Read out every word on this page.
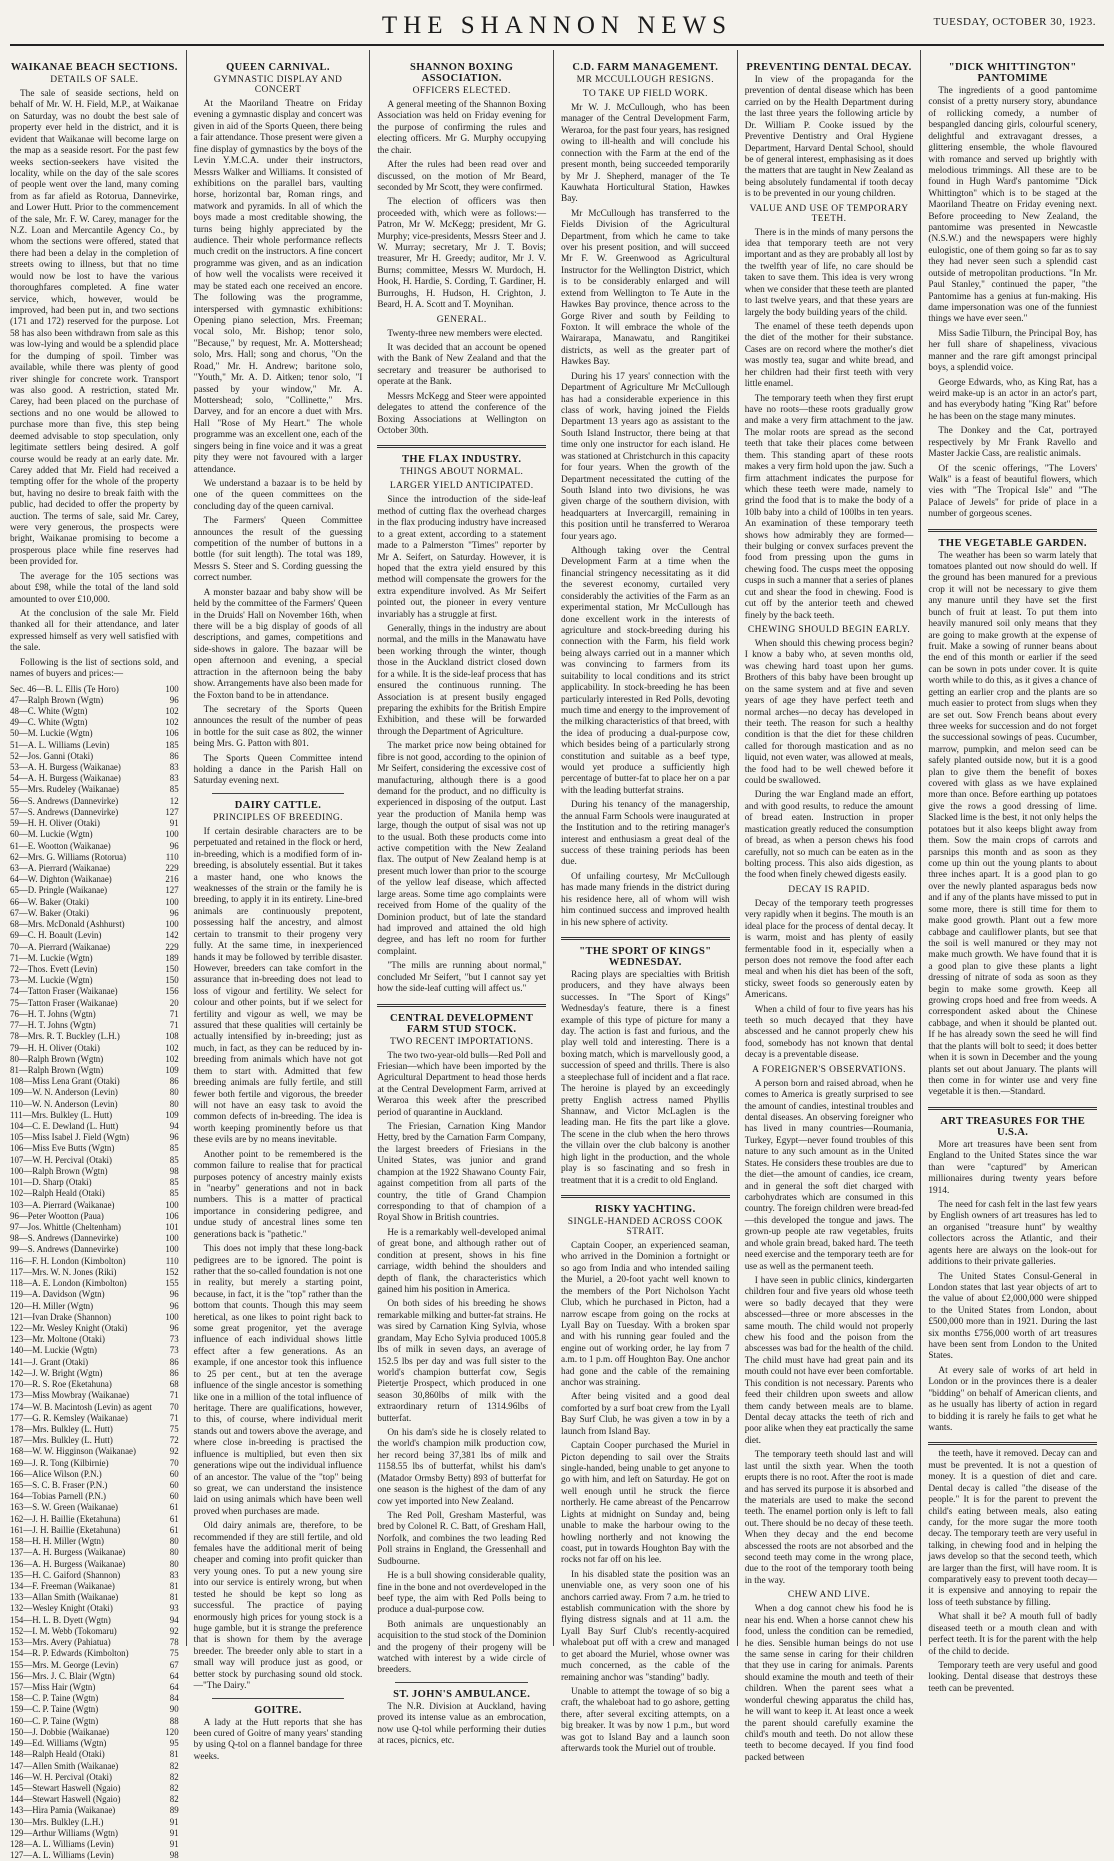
THE SHANNON NEWS	TUESDAY, OCTOBER 30, 1923.
WAIKANAE BEACH SECTIONS.
DETAILS OF SALE.

The sale of seaside sections, held on behalf of Mr. W. H. Field, M.P., at Waikanae on Saturday, was no doubt the best sale of property ever held in the district, and it is evident that Waikanae will become large on the map as a seaside resort. For the past few weeks section-seekers have visited the locality, while on the day of the sale scores of people went over the land, many coming from as far afield as Rotorua, Dannevirke, and Lower Hutt. Prior to the commencement of the sale, Mr. F. W. Carey, manager for the N.Z. Loan and Mercantile Agency Co., by whom the sections were offered, stated that there had been a delay in the completion of streets owing to illness, but that no time would now be lost to have the various thoroughfares completed. A fine water service, which, however, would be improved, had been put in, and two sections (171 and 172) reserved for the purpose. Lot 58 has also been withdrawn from sale as this was low-lying and would be a splendid place for the dumping of spoil. Timber was available, while there was plenty of good river shingle for concrete work. Transport was also good. A restriction, stated Mr. Carey, had been placed on the purchase of sections and no one would be allowed to purchase more than five, this step being deemed advisable to stop speculation, only legitimate settlers being desired. A golf course would be ready at an early date. Mr. Carey added that Mr. Field had received a tempting offer for the whole of the property but, having no desire to break faith with the public, had decided to offer the property by auction. The terms of sale, said Mr. Carey, were very generous, the prospects were bright, Waikanae promising to become a prosperous place while fine reserves had been provided for.

The average for the 105 sections was about £98, while the total of the land sold amounted to over £10,000.

At the conclusion of the sale Mr. Field thanked all for their attendance, and later expressed himself as very well satisfied with the sale.

Following is the list of sections sold, and names of buyers and prices:—

Sec. 46—B. L. Ellis (Te Horo)	100
47—Ralph Brown (Wgtn)	96
48—C. White (Wgtn)	102
49—C. White (Wgtn)	102
50—M. Luckie (Wgtn)	106
51—A. L. Williams (Levin)	185
52—Jos. Ganni (Otaki)	86
53—A. H. Burgess (Waikanae)	83
54—A. H. Burgess (Waikanae)	83
55—Mrs. Rudeley (Waikanae)	85
56—S. Andrews (Dannevirke)	12
57—S. Andrews (Dannevirke)	127
59—H. H. Oliver (Otaki)	91
60—M. Luckie (Wgtn)	100
61—E. Wootton (Waikanae)	96
62—Mrs. G. Williams (Rotorua)	110
63—A. Pierrard (Waikanae)	229
64—W. Dighton (Waikanae)	216
65—D. Pringle (Waikanae)	127
66—W. Baker (Otaki)	100
67—W. Baker (Otaki)	96
68—Mrs. McDonald (Ashhurst)	100
69—C. H. Boault (Levin)	142
70—A. Pierrard (Waikanae)	229
71—M. Luckie (Wgtn)	189
72—Thos. Evett (Levin)	150
73—M. Luckie (Wgtn)	150
74—Tatton Fraser (Waikanae)	156
75—Tatton Fraser (Waikanae)	20
76—H. T. Johns (Wgtn)	71
77—H. T. Johns (Wgtn)	71
78—Mrs. R. T. Buckley (L.H.)	108
79—H. H. Oliver (Otaki)	102
80—Ralph Brown (Wgtn)	102
81—Ralph Brown (Wgtn)	109
108—Miss Lena Grant (Otaki)	86
109—W. N. Anderson (Levin)	80
110—W. N. Anderson (Levin)	80
111—Mrs. Bulkley (L. Hutt)	109
104—C. E. Dewland (L. Hutt)	94
105—Miss Isabel J. Field (Wgtn)	96
106—Miss Eve Butts (Wgtn)	85
107—W. H. Percival (Otaki)	85
100—Ralph Brown (Wgtn)	98
101—D. Sharp (Otaki)	85
102—Ralph Heald (Otaki)	85
103—A. Pierrard (Waikanae)	100
96—Peter Wootton (Paua)	106
97—Jos. Whittle (Cheltenham)	101
98—S. Andrews (Dannevirke)	100
99—S. Andrews (Dannevirke)	100
116—F. H. London (Kimbolton)	110
117—Mrs. W. N. Jones (Riki)	152
118—A. E. London (Kimbolton)	155
119—A. Davidson (Wgtn)	96
120—H. Miller (Wgtn)	96
121—Ivan Drake (Shannon)	100
122—Mr. Wesley Knight (Otaki)	96
123—Mr. Moltone (Otaki)	73
140—M. Luckie (Wgtn)	73
141—J. Grant (Otaki)	86
142—J. W. Bright (Wgtn)	86
170—R. S. Roe (Eketahuna)	68
173—Miss Mowbray (Waikanae)	71
174—W. B. Macintosh (Levin) as agent	70
177—G. R. Kemsley (Waikanae)	71
178—Mrs. Bulkley (L. Hutt)	75
187—Mrs. Bulkley (L. Hutt)	72
168—W. W. Higginson (Waikanae)	92
169—J. R. Tong (Kilbirnie)	70
166—Alice Wilson (P.N.)	60
165—S. C. B. Fraser (P.N.)	60
164—Tobias Parnell (P.N.)	60
163—S. W. Green (Waikanae)	61
162—J. H. Baillie (Eketahuna)	61
161—J. H. Baillie (Eketahuna)	61
158—H. H. Miller (Wgtn)	80
137—A. H. Burgess (Waikanae)	80
136—A. H. Burgess (Waikanae)	80
135—H. C. Gaiford (Shannon)	83
134—F. Freeman (Waikanae)	81
133—Allan Smith (Waikanae)	81
132—Wesley Knight (Otaki)	93
154—H. L. B. Dyett (Wgtn)	94
152—I. M. Webb (Tokomaru)	92
153—Mrs. Avery (Pahiatua)	78
154—R. P. Edwards (Kimbolton)	75
155—Mrs. M. George (Levin)	67
156—Mrs. J. C. Blair (Wgtn)	64
157—Miss Hair (Wgtn)	64
158—C. P. Taine (Wgtn)	84
159—C. P. Taine (Wgtn)	90
160—C. P. Taine (Wgtn)	88
150—J. Dobbie (Waikanae)	120
149—Ed. Williams (Wgtn)	95
148—Ralph Heald (Otaki)	81
147—Allen Smith (Waikanae)	82
146—W. H. Percival (Otaki)	82
145—Stewart Haswell (Ngaio)	82
144—Stewart Haswell (Ngaio)	82
143—Hira Pamia (Waikanae)	89
130—Mrs. Bulkley (L.H.)	91
129—Arthur Williams (Wgtn)	91
128—A. L. Williams (Levin)	91
127—A. L. Williams (Levin)	98
QUEEN CARNIVAL.
GYMNASTIC DISPLAY AND CONCERT

At the Maoriland Theatre on Friday evening a gymnastic display and concert was given in aid of the Sports Queen, there being a fair attendance. Those present were given a fine display of gymnastics by the boys of the Levin Y.M.C.A. under their instructors, Messrs Walker and Williams. It consisted of exhibitions on the parallel bars, vaulting horse, horizontal bar, Roman rings, and matwork and pyramids. In all of which the boys made a most creditable showing, the turns being highly appreciated by the audience. Their whole performance reflects much credit on the instructors. A fine concert programme was given, and as an indication of how well the vocalists were received it may be stated each one received an encore. The following was the programme, interspersed with gymnastic exhibitions: Opening piano selection, Mrs. Freeman; vocal solo, Mr. Bishop; tenor solo, "Because," by request, Mr. A. Mottershead; solo, Mrs. Hall; song and chorus, "On the Road," Mr. H. Andrew; baritone solo, "Youth," Mr. A. D. Aitken; tenor solo, "I passed by your window," Mr. A. Mottershead; solo, "Collinette," Mrs. Darvey, and for an encore a duet with Mrs. Hall "Rose of My Heart." The whole programme was an excellent one, each of the singers being in fine voice and it was a great pity they were not favoured with a larger attendance.

We understand a bazaar is to be held by one of the queen committees on the concluding day of the queen carnival.

The Farmers' Queen Committee announces the result of the guessing competition of the number of buttons in a bottle (for suit length). The total was 189, Messrs S. Steer and S. Cording guessing the correct number.

A monster bazaar and baby show will be held by the committee of the Farmers' Queen in the Druids' Hall on November 16th, when there will be a big display of goods of all descriptions, and games, competitions and side-shows in galore. The bazaar will be open afternoon and evening, a special attraction in the afternoon being the baby show. Arrangements have also been made for the Foxton band to be in attendance.

The secretary of the Sports Queen announces the result of the number of peas in bottle for the suit case as 802, the winner being Mrs. G. Patton with 801.

The Sports Queen Committee intend holding a dance in the Parish Hall on Saturday evening next.

DAIRY CATTLE.
PRINCIPLES OF BREEDING.

If certain desirable characters are to be perpetuated and retained in the flock or herd, in-breeding, which is a modified form of in-breeding, is absolutely essential. But it takes a master hand, one who knows the weaknesses of the strain or the family he is breeding, to apply it in its entirety. Line-bred animals are continuously prepotent, possessing half the ancestry, and almost certain to transmit to their progeny very fully. At the same time, in inexperienced hands it may be followed by terrible disaster. However, breeders can take comfort in the assurance that in-breeding does not lead to loss of vigour and fertility. We select for colour and other points, but if we select for fertility and vigour as well, we may be assured that these qualities will certainly be actually intensified by in-breeding; just as much, in fact, as they can be reduced by in-breeding from animals which have not got them to start with. Admitted that few breeding animals are fully fertile, and still fewer both fertile and vigorous, the breeder will not have an easy task to avoid the common defects of in-breeding. The idea is worth keeping prominently before us that these evils are by no means inevitable.

Another point to be remembered is the common failure to realise that for practical purposes potency of ancestry mainly exists in "nearby" generations and not in back numbers. This is a matter of practical importance in considering pedigree, and undue study of ancestral lines some ten generations back is "pathetic."

This does not imply that these long-back pedigrees are to be ignored. The point is rather that the so-called foundation is not one in reality, but merely a starting point, because, in fact, it is the "top" rather than the bottom that counts. Though this may seem heretical, as one likes to point right back to some great progenitor, yet the average influence of each individual shows little effect after a few generations. As an example, if one ancestor took this influence to 25 per cent., but at ten the average influence of the single ancestor is something like one in a million of the total influence of heritage. There are qualifications, however, to this, of course, where individual merit stands out and towers above the average, and where close in-breeding is practised the influence is multiplied, but even then six generations wipe out the individual influence of an ancestor. The value of the "top" being so great, we can understand the insistence laid on using animals which have been well proved when purchases are made.

Old dairy animals are, therefore, to be recommended if they are still fertile, and old females have the additional merit of being cheaper and coming into profit quicker than very young ones. To put a new young sire into our service is entirely wrong, but when tested he should be kept so long as successful. The practice of paying enormously high prices for young stock is a huge gamble, but it is strange the preference that is shown for them by the average breeder. The breeder only able to start in a small way will produce just as good, or better stock by purchasing sound old stock.—"The Dairy."

GOITRE.

A lady at the Hutt reports that she has been cured of Goitre of many years' standing by using Q-tol on a flannel bandage for three weeks.

SHANNON BOXING ASSOCIATION.
OFFICERS ELECTED.

A general meeting of the Shannon Boxing Association was held on Friday evening for the purpose of confirming the rules and electing officers. Mr G. Murphy occupying the chair.

After the rules had been read over and discussed, on the motion of Mr Beard, seconded by Mr Scott, they were confirmed.

The election of officers was then proceeded with, which were as follows:—Patron, Mr W. McKegg; president, Mr G. Murphy; vice-presidents, Messrs Steer and J. W. Murray; secretary, Mr J. T. Bovis; treasurer, Mr H. Greedy; auditor, Mr J. V. Burns; committee, Messrs W. Murdoch, H. Hook, H. Hardie, S. Cording, T. Gardiner, H. Burroughs, H. Hudson, H. Crighton, J. Beard, H. A. Scott and T. Moynihan.

GENERAL.

Twenty-three new members were elected.

It was decided that an account be opened with the Bank of New Zealand and that the secretary and treasurer be authorised to operate at the Bank.

Messrs McKegg and Steer were appointed delegates to attend the conference of the Boxing Associations at Wellington on October 30th.

THE FLAX INDUSTRY.
THINGS ABOUT NORMAL.
LARGER YIELD ANTICIPATED.

Since the introduction of the side-leaf method of cutting flax the overhead charges in the flax producing industry have increased to a great extent, according to a statement made to a Palmerston "Times" reporter by Mr A. Seifert, on Saturday. However, it is hoped that the extra yield ensured by this method will compensate the growers for the extra expenditure involved. As Mr Seifert pointed out, the pioneer in every venture invariably has a struggle at first.

Generally, things in the industry are about normal, and the mills in the Manawatu have been working through the winter, though those in the Auckland district closed down for a while. It is the side-leaf process that has ensured the continuous running. The Association is at present busily engaged preparing the exhibits for the British Empire Exhibition, and these will be forwarded through the Department of Agriculture.

The market price now being obtained for fibre is not good, according to the opinion of Mr Seifert, considering the excessive cost of manufacturing, although there is a good demand for the product, and no difficulty is experienced in disposing of the output. Last year the production of Manila hemp was large, though the output of sisal was not up to the usual. Both these products come into active competition with the New Zealand flax. The output of New Zealand hemp is at present much lower than prior to the scourge of the yellow leaf disease, which affected large areas. Some time ago complaints were received from Home of the quality of the Dominion product, but of late the standard had improved and attained the old high degree, and has left no room for further complaint.

"The mills are running about normal," concluded Mr Seifert, "but I cannot say yet how the side-leaf cutting will affect us."

CENTRAL DEVELOPMENT FARM STUD STOCK.
TWO RECENT IMPORTATIONS.

The two two-year-old bulls—Red Poll and Friesian—which have been imported by the Agricultural Department to head those herds at the Central Development Farm, arrived at Weraroa this week after the prescribed period of quarantine in Auckland.

The Friesian, Carnation King Mandor Hetty, bred by the Carnation Farm Company, the largest breeders of Friesians in the United States, was junior and grand champion at the 1922 Shawano County Fair, against competition from all parts of the country, the title of Grand Champion corresponding to that of champion of a Royal Show in British countries.

He is a remarkably well-developed animal of great bone, and although rather out of condition at present, shows in his fine carriage, width behind the shoulders and depth of flank, the characteristics which gained him his position in America.

On both sides of his breeding he shows remarkable milking and butter-fat strains. He was sired by Carnation King Sylvia, whose grandam, May Echo Sylvia produced 1005.8 lbs of milk in seven days, an average of 152.5 lbs per day and was full sister to the world's champion butterfat cow, Segis Pietertje Prospect, which produced in one season 30,860lbs of milk with the extraordinary return of 1314.96lbs of butterfat.

On his dam's side he is closely related to the world's champion milk production cow, her record being 37,381 lbs of milk and 1158.55 lbs of butterfat, whilst his dam's (Matador Ormsby Betty) 893 of butterfat for one season is the highest of the dam of any cow yet imported into New Zealand.

The Red Poll, Gresham Masterful, was bred by Colonel R. C. Batt, of Gresham Hall, Norfolk, and combines the two leading Red Poll strains in England, the Gressenhall and Sudbourne.

He is a bull showing considerable quality, fine in the bone and not overdeveloped in the beef type, the aim with Red Polls being to produce a dual-purpose cow.

Both animals are unquestionably an acquisition to the stud stock of the Dominion and the progeny of their progeny will be watched with interest by a wide circle of breeders.

ST. JOHN'S AMBULANCE.

The N.R. Division at Auckland, having proved its intense value as an embrocation, now use Q-tol while performing their duties at races, picnics, etc.

C.D. FARM MANAGEMENT.
MR MCCULLOUGH RESIGNS.
TO TAKE UP FIELD WORK.

Mr W. J. McCullough, who has been manager of the Central Development Farm, Weraroa, for the past four years, has resigned owing to ill-health and will conclude his connection with the Farm at the end of the present month, being succeeded temporarily by Mr J. Shepherd, manager of the Te Kauwhata Horticultural Station, Hawkes Bay.

Mr McCullough has transferred to the Fields Division of the Agricultural Department, from which he came to take over his present position, and will succeed Mr F. W. Greenwood as Agricultural Instructor for the Wellington District, which is to be considerably enlarged and will extend from Wellington to Te Aute in the Hawkes Bay province, thence across to the Gorge River and south by Feilding to Foxton. It will embrace the whole of the Wairarapa, Manawatu, and Rangitikei districts, as well as the greater part of Hawkes Bay.

During his 17 years' connection with the Department of Agriculture Mr McCullough has had a considerable experience in this class of work, having joined the Fields Department 13 years ago as assistant to the South Island Instructor, there being at that time only one instructor for each island. He was stationed at Christchurch in this capacity for four years. When the growth of the Department necessitated the cutting of the South Island into two divisions, he was given charge of the southern division, with headquarters at Invercargill, remaining in this position until he transferred to Weraroa four years ago.

Although taking over the Central Development Farm at a time when the financial stringency necessitating as it did the severest economy, curtailed very considerably the activities of the Farm as an experimental station, Mr McCullough has done excellent work in the interests of agriculture and stock-breeding during his connection with the Farm, his field work being always carried out in a manner which was convincing to farmers from its suitability to local conditions and its strict applicability. In stock-breeding he has been particularly interested in Red Polls, devoting much time and energy to the improvement of the milking characteristics of that breed, with the idea of producing a dual-purpose cow, which besides being of a particularly strong constitution and suitable as a beef type, would yet produce a sufficiently high percentage of butter-fat to place her on a par with the leading butterfat strains.

During his tenancy of the managership, the annual Farm Schools were inaugurated at the Institution and to the retiring manager's interest and enthusiasm a great deal of the success of these training periods has been due.

Of unfailing courtesy, Mr McCullough has made many friends in the district during his residence here, all of whom will wish him continued success and improved health in his new sphere of activity.

"THE SPORT OF KINGS" WEDNESDAY.

Racing plays are specialties with British producers, and they have always been successes. In "The Sport of Kings" Wednesday's feature, there is a finest example of this type of picture for many a day. The action is fast and furious, and the play well told and interesting. There is a boxing match, which is marvellously good, a succession of speed and thrills. There is also a steeplechase full of incident and a flat race. The heroine is played by an exceedingly pretty English actress named Phyllis Shannaw, and Victor McLaglen is the leading man. He fits the part like a glove. The scene in the club when the hero throws the villain over the club balcony is another high light in the production, and the whole play is so fascinating and so fresh in treatment that it is a credit to old England.

RISKY YACHTING.
SINGLE-HANDED ACROSS COOK STRAIT.

Captain Cooper, an experienced seaman, who arrived in the Dominion a fortnight or so ago from India and who intended sailing the Muriel, a 20-foot yacht well known to the members of the Port Nicholson Yacht Club, which he purchased in Picton, had a narrow escape from going on the rocks at Lyall Bay on Tuesday. With a broken spar and with his running gear fouled and the engine out of working order, he lay from 7 a.m. to 1 p.m. off Houghton Bay. One anchor had gone and the cable of the remaining anchor was straining.

After being visited and a good deal comforted by a surf boat crew from the Lyall Bay Surf Club, he was given a tow in by a launch from Island Bay.

Captain Cooper purchased the Muriel in Picton depending to sail over the Straits single-handed, being unable to get anyone to go with him, and left on Saturday. He got on well enough until he struck the fierce northerly. He came abreast of the Pencarrow Lights at midnight on Sunday and, being unable to make the harbour owing to the howling northerly and not knowing the coast, put in towards Houghton Bay with the rocks not far off on his lee.

In his disabled state the position was an unenviable one, as very soon one of his anchors carried away. From 7 a.m. he tried to establish communication with the shore by flying distress signals and at 11 a.m. the Lyall Bay Surf Club's recently-acquired whaleboat put off with a crew and managed to get aboard the Muriel, whose owner was much concerned, as the cable of the remaining anchor was "standing" badly.

Unable to attempt the towage of so big a craft, the whaleboat had to go ashore, getting there, after several exciting attempts, on a big breaker. It was by now 1 p.m., but word was got to Island Bay and a launch soon afterwards took the Muriel out of trouble.

PREVENTING DENTAL DECAY.

In view of the propaganda for the prevention of dental disease which has been carried on by the Health Department during the last three years the following article by Dr. William P. Cooke issued by the Preventive Dentistry and Oral Hygiene Department, Harvard Dental School, should be of general interest, emphasising as it does the matters that are taught in New Zealand as being absolutely fundamental if tooth decay is to be prevented in our young children.

VALUE AND USE OF TEMPORARY TEETH.

There is in the minds of many persons the idea that temporary teeth are not very important and as they are probably all lost by the twelfth year of life, no care should be taken to save them. This idea is very wrong when we consider that these teeth are planted to last twelve years, and that these years are largely the body building years of the child.

The enamel of these teeth depends upon the diet of the mother for their substance. Cases are on record where the mother's diet was mostly tea, sugar and white bread, and her children had their first teeth with very little enamel.

The temporary teeth when they first erupt have no roots—these roots gradually grow and make a very firm attachment to the jaw. The molar roots are spread as the second teeth that take their places come between them. This standing apart of these roots makes a very firm hold upon the jaw. Such a firm attachment indicates the purpose for which these teeth were made, namely to grind the food that is to make the body of a 10lb baby into a child of 100lbs in ten years. An examination of these temporary teeth shows how admirably they are formed—their bulging or convex surfaces prevent the food from pressing upon the gums in chewing food. The cusps meet the opposing cusps in such a manner that a series of planes cut and shear the food in chewing. Food is cut off by the anterior teeth and chewed finely by the back teeth.

CHEWING SHOULD BEGIN EARLY.

When should this chewing process begin? I know a baby who, at seven months old, was chewing hard toast upon her gums. Brothers of this baby have been brought up on the same system and at five and seven years of age they have perfect teeth and normal arches—no decay has developed in their teeth. The reason for such a healthy condition is that the diet for these children called for thorough mastication and as no liquid, not even water, was allowed at meals, the food had to be well chewed before it could be swallowed.

During the war England made an effort, and with good results, to reduce the amount of bread eaten. Instruction in proper mastication greatly reduced the consumption of bread, as when a person chews his food carefully, not so much can be eaten as in the bolting process. This also aids digestion, as the food when finely chewed digests easily.

DECAY IS RAPID.

Decay of the temporary teeth progresses very rapidly when it begins. The mouth is an ideal place for the process of dental decay. It is warm, moist and has plenty of easily fermentable food in it, especially when a person does not remove the food after each meal and when his diet has been of the soft, sticky, sweet foods so generously eaten by Americans.

When a child of four to five years has his teeth so much decayed that they have abscessed and he cannot properly chew his food, somebody has not known that dental decay is a preventable disease.

A FOREIGNER'S OBSERVATIONS.

A person born and raised abroad, when he comes to America is greatly surprised to see the amount of candies, intestinal troubles and dental diseases. An observing foreigner who has lived in many countries—Roumania, Turkey, Egypt—never found troubles of this nature to any such amount as in the United States. He considers these troubles are due to the diet—the amount of candies, ice cream, and in general the soft diet charged with carbohydrates which are consumed in this country. The foreign children were bread-fed—this developed the tongue and jaws. The grown-up people ate raw vegetables, fruits and whole grain bread, baked hard. The teeth need exercise and the temporary teeth are for use as well as the permanent teeth.

I have seen in public clinics, kindergarten children four and five years old whose teeth were so badly decayed that they were abscessed—three or more abscesses in the same mouth. The child would not properly chew his food and the poison from the abscesses was bad for the health of the child. The child must have had great pain and its mouth could not have ever been comfortable. This condition is not necessary. Parents who feed their children upon sweets and allow them candy between meals are to blame. Dental decay attacks the teeth of rich and poor alike when they eat practically the same diet.

The temporary teeth should last and will last until the sixth year. When the tooth erupts there is no root. After the root is made and has served its purpose it is absorbed and the materials are used to make the second teeth. The enamel portion only is left to fall out. There should be no decay of these teeth. When they decay and the end become abscessed the roots are not absorbed and the second teeth may come in the wrong place, due to the root of the temporary tooth being in the way.

CHEW AND LIVE.

When a dog cannot chew his food he is near his end. When a horse cannot chew his food, unless the condition can be remedied, he dies. Sensible human beings do not use the same sense in caring for their children that they use in caring for animals. Parents should examine the mouth and teeth of their children. When the parent sees what a wonderful chewing apparatus the child has, he will want to keep it. At least once a week the parent should carefully examine the child's mouth and teeth. Do not allow these teeth to become decayed. If you find food packed between

"DICK WHITTINGTON" PANTOMIME

The ingredients of a good pantomime consist of a pretty nursery story, abundance of rollicking comedy, a number of bespangled dancing girls, colourful scenery, delightful and extravagant dresses, a glittering ensemble, the whole flavoured with romance and served up brightly with melodious trimmings. All these are to be found in Hugh Ward's pantomime "Dick Whittington" which is to be staged at the Maoriland Theatre on Friday evening next. Before proceeding to New Zealand, the pantomime was presented in Newcastle (N.S.W.) and the newspapers were highly eulogistic, one of them going so far as to say they had never seen such a splendid cast outside of metropolitan productions. "In Mr. Paul Stanley," continued the paper, "the Pantomime has a genius at fun-making. His dame impersonation was one of the funniest things we have ever seen."

Miss Sadie Tilburn, the Principal Boy, has her full share of shapeliness, vivacious manner and the rare gift amongst principal boys, a splendid voice.

George Edwards, who, as King Rat, has a weird make-up is an actor in an actor's part, and has everybody hating "King Rat" before he has been on the stage many minutes.

The Donkey and the Cat, portrayed respectively by Mr Frank Ravello and Master Jackie Cass, are realistic animals.

Of the scenic offerings, "The Lovers' Walk" is a feast of beautiful flowers, which vies with "The Tropical Isle" and "The Palace of Jewels" for pride of place in a number of gorgeous scenes.

THE VEGETABLE GARDEN.

The weather has been so warm lately that tomatoes planted out now should do well. If the ground has been manured for a previous crop it will not be necessary to give them any manure until they have set the first bunch of fruit at least. To put them into heavily manured soil only means that they are going to make growth at the expense of fruit. Make a sowing of runner beans about the end of this month or earlier if the seed can be sown in pots under cover. It is quite worth while to do this, as it gives a chance of getting an earlier crop and the plants are so much easier to protect from slugs when they are set out. Sow French beans about every three weeks for succession and do not forget the successional sowings of peas. Cucumber, marrow, pumpkin, and melon seed can be safely planted outside now, but it is a good plan to give them the benefit of boxes covered with glass as we have explained more than once. Before earthing up potatoes give the rows a good dressing of lime. Slacked lime is the best, it not only helps the potatoes but it also keeps blight away from them. Sow the main crops of carrots and parsnips this month and as soon as they come up thin out the young plants to about three inches apart. It is a good plan to go over the newly planted asparagus beds now and if any of the plants have missed to put in some more, there is still time for them to make good growth. Plant out a few more cabbage and cauliflower plants, but see that the soil is well manured or they may not make much growth. We have found that it is a good plan to give these plants a light dressing of nitrate of soda as soon as they begin to make some growth. Keep all growing crops hoed and free from weeds. A correspondent asked about the Chinese cabbage, and when it should be planted out. If he has already sown the seed he will find that the plants will bolt to seed; it does better when it is sown in December and the young plants set out about January. The plants will then come in for winter use and very fine vegetable it is then.—Standard.

ART TREASURES FOR THE U.S.A.

More art treasures have been sent from England to the United States since the war than were "captured" by American millionaires during twenty years before 1914.

The need for cash felt in the last few years by English owners of art treasures has led to an organised "treasure hunt" by wealthy collectors across the Atlantic, and their agents here are always on the look-out for additions to their private galleries.

The United States Consul-General in London states that last year objects of art to the value of about £2,000,000 were shipped to the United States from London, about £500,000 more than in 1921. During the last six months £756,000 worth of art treasures have been sent from London to the United States.

At every sale of works of art held in London or in the provinces there is a dealer "bidding" on behalf of American clients, and as he usually has liberty of action in regard to bidding it is rarely he fails to get what he wants.

the teeth, have it removed. Decay can and must be prevented. It is not a question of money. It is a question of diet and care. Dental decay is called "the disease of the people." It is for the parent to prevent the child's eating between meals, also eating candy, for the more sugar the more tooth decay. The temporary teeth are very useful in talking, in chewing food and in helping the jaws develop so that the second teeth, which are larger than the first, will have room. It is comparatively easy to prevent tooth decay—it is expensive and annoying to repair the loss of teeth substance by filling.

What shall it be? A mouth full of badly diseased teeth or a mouth clean and with perfect teeth. It is for the parent with the help of the child to decide.

Temporary teeth are very useful and good looking. Dental disease that destroys these teeth can be prevented.
